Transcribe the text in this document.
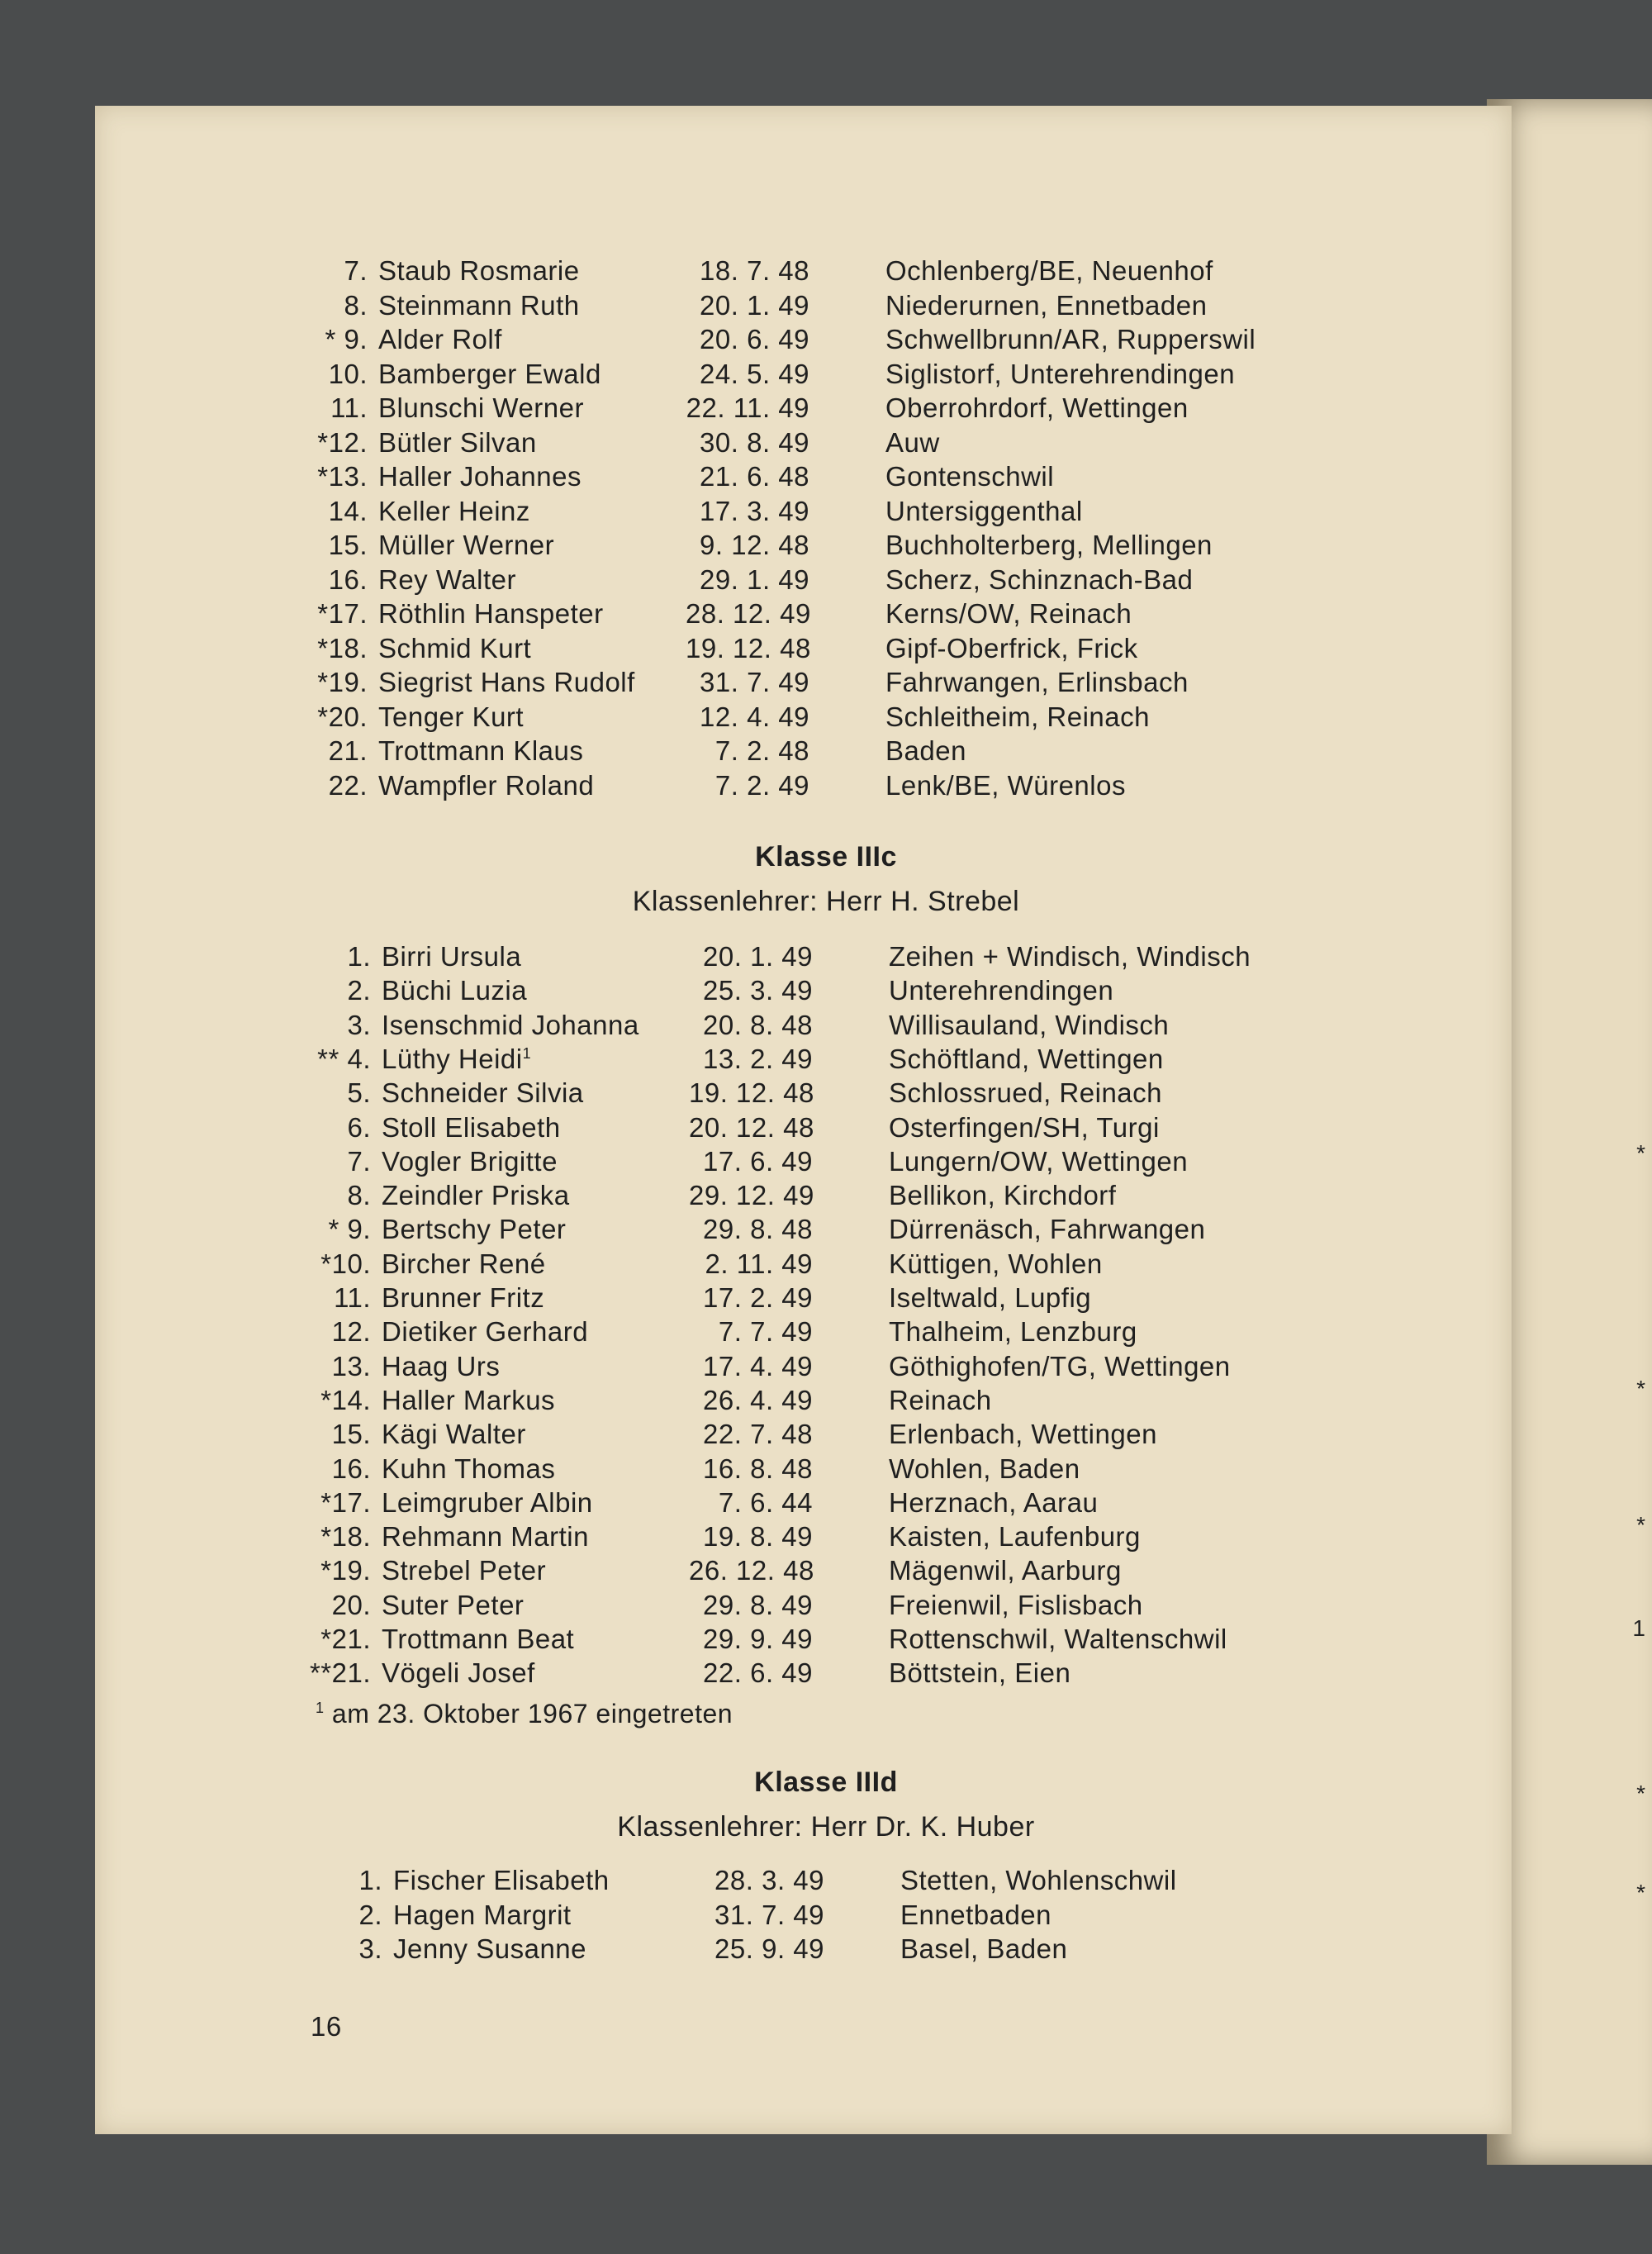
*
*
*
1
*
*
7. Staub Rosmarie	18. 7. 48	Ochlenberg/BE, Neuenhof
8. Steinmann Ruth	20. 1. 49	Niederurnen, Ennetbaden
* 9. Alder Rolf	20. 6. 49	Schwellbrunn/AR, Rupperswil
10. Bamberger Ewald	24. 5. 49	Siglistorf, Unterehrendingen
11. Blunschi Werner	22. 11. 49	Oberrohrdorf, Wettingen
*12. Bütler Silvan	30. 8. 49	Auw
*13. Haller Johannes	21. 6. 48	Gontenschwil
14. Keller Heinz	17. 3. 49	Untersiggenthal
15. Müller Werner	9. 12. 48	Buchholterberg, Mellingen
16. Rey Walter	29. 1. 49	Scherz, Schinznach-Bad
*17. Röthlin Hanspeter	28. 12. 49	Kerns/OW, Reinach
*18. Schmid Kurt	19. 12. 48	Gipf-Oberfrick, Frick
*19. Siegrist Hans Rudolf	31. 7. 49	Fahrwangen, Erlinsbach
*20. Tenger Kurt	12. 4. 49	Schleitheim, Reinach
21. Trottmann Klaus	7. 2. 48	Baden
22. Wampfler Roland	7. 2. 49	Lenk/BE, Würenlos
Klasse IIIc
Klassenlehrer: Herr H. Strebel
1. Birri Ursula	20. 1. 49	Zeihen + Windisch, Windisch
2. Büchi Luzia	25. 3. 49	Unterehrendingen
3. Isenschmid Johanna	20. 8. 48	Willisauland, Windisch
** 4. Lüthy Heidi$^1$	13. 2. 49	Schöftland, Wettingen
5. Schneider Silvia	19. 12. 48	Schlossrued, Reinach
6. Stoll Elisabeth	20. 12. 48	Osterfingen/SH, Turgi
7. Vogler Brigitte	17. 6. 49	Lungern/OW, Wettingen
8. Zeindler Priska	29. 12. 49	Bellikon, Kirchdorf
* 9. Bertschy Peter	29. 8. 48	Dürrenäsch, Fahrwangen
*10. Bircher René	2. 11. 49	Küttigen, Wohlen
11. Brunner Fritz	17. 2. 49	Iseltwald, Lupfig
12. Dietiker Gerhard	7. 7. 49	Thalheim, Lenzburg
13. Haag Urs	17. 4. 49	Göthighofen/TG, Wettingen
*14. Haller Markus	26. 4. 49	Reinach
15. Kägi Walter	22. 7. 48	Erlenbach, Wettingen
16. Kuhn Thomas	16. 8. 48	Wohlen, Baden
*17. Leimgruber Albin	7. 6. 44	Herznach, Aarau
*18. Rehmann Martin	19. 8. 49	Kaisten, Laufenburg
*19. Strebel Peter	26. 12. 48	Mägenwil, Aarburg
20. Suter Peter	29. 8. 49	Freienwil, Fislisbach
*21. Trottmann Beat	29. 9. 49	Rottenschwil, Waltenschwil
**21. Vögeli Josef	22. 6. 49	Böttstein, Eien
$^1$ am 23. Oktober 1967 eingetreten
Klasse IIId
Klassenlehrer: Herr Dr. K. Huber
1. Fischer Elisabeth	28. 3. 49	Stetten, Wohlenschwil
2. Hagen Margrit	31. 7. 49	Ennetbaden
3. Jenny Susanne	25. 9. 49	Basel, Baden
16
